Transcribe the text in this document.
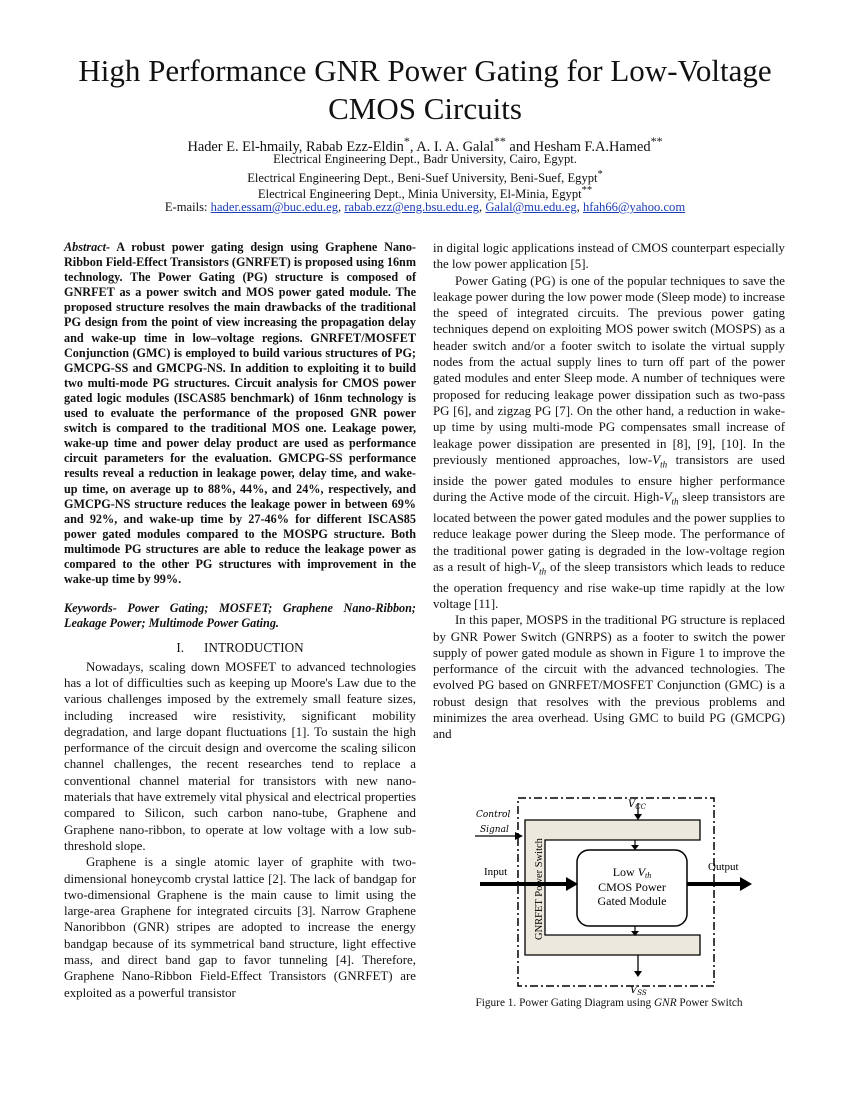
High Performance GNR Power Gating for Low-Voltage CMOS Circuits
Hader E. El-hmaily, Rabab Ezz-Eldin*, A. I. A. Galal** and Hesham F.A.Hamed**
Electrical Engineering Dept., Badr University, Cairo, Egypt.
Electrical Engineering Dept., Beni-Suef University, Beni-Suef, Egypt*
Electrical Engineering Dept., Minia University, El-Minia, Egypt**
E-mails: hader.essam@buc.edu.eg, rabab.ezz@eng.bsu.edu.eg, Galal@mu.edu.eg, hfah66@yahoo.com

Abstract- A robust power gating design using Graphene Nano-Ribbon Field-Effect Transistors (GNRFET) is proposed using 16nm technology. The Power Gating (PG) structure is composed of GNRFET as a power switch and MOS power gated module. The proposed structure resolves the main drawbacks of the traditional PG design from the point of view increasing the propagation delay and wake-up time in low–voltage regions. GNRFET/MOSFET Conjunction (GMC) is employed to build various structures of PG; GMCPG-SS and GMCPG-NS. In addition to exploiting it to build two multi-mode PG structures. Circuit analysis for CMOS power gated logic modules (ISCAS85 benchmark) of 16nm technology is used to evaluate the performance of the proposed GNR power switch is compared to the traditional MOS one. Leakage power, wake-up time and power delay product are used as performance circuit parameters for the evaluation. GMCPG-SS performance results reveal a reduction in leakage power, delay time, and wake-up time, on average up to 88%, 44%, and 24%, respectively, and GMCPG-NS structure reduces the leakage power in between 69% and 92%, and wake-up time by 27-46% for different ISCAS85 power gated modules compared to the MOSPG structure. Both multimode PG structures are able to reduce the leakage power as compared to the other PG structures with improvement in the wake-up time by 99%.

Keywords- Power Gating; MOSFET; Graphene Nano-Ribbon; Leakage Power; Multimode Power Gating.

I. INTRODUCTION

Nowadays, scaling down MOSFET to advanced technologies has a lot of difficulties such as keeping up Moore's Law due to the various challenges imposed by the extremely small feature sizes, including increased wire resistivity, significant mobility degradation, and large dopant fluctuations [1]. To sustain the high performance of the circuit design and overcome the scaling silicon channel challenges, the recent researches tend to replace a conventional channel material for transistors with new nano-materials that have extremely vital physical and electrical properties compared to Silicon, such carbon nano-tube, Graphene and Graphene nano-ribbon, to operate at low voltage with a low sub-threshold slope.

Graphene is a single atomic layer of graphite with two-dimensional honeycomb crystal lattice [2]. The lack of bandgap for two-dimensional Graphene is the main cause to limit using the large-area Graphene for integrated circuits [3]. Narrow Graphene Nanoribbon (GNR) stripes are adopted to increase the energy bandgap because of its symmetrical band structure, light effective mass, and direct band gap to favor tunneling [4]. Therefore, Graphene Nano-Ribbon Field-Effect Transistors (GNRFET) are exploited as a powerful transistor

in digital logic applications instead of CMOS counterpart especially the low power application [5].

Power Gating (PG) is one of the popular techniques to save the leakage power during the low power mode (Sleep mode) to increase the speed of integrated circuits. The previous power gating techniques depend on exploiting MOS power switch (MOSPS) as a header switch and/or a footer switch to isolate the virtual supply nodes from the actual supply lines to turn off part of the power gated modules and enter Sleep mode. A number of techniques were proposed for reducing leakage power dissipation such as two-pass PG [6], and zigzag PG [7]. On the other hand, a reduction in wake-up time by using multi-mode PG compensates small increase of leakage power dissipation are presented in [8], [9], [10]. In the previously mentioned approaches, low-$V_{th}$ transistors are used inside the power gated modules to ensure higher performance during the Active mode of the circuit. High-$V_{th}$ sleep transistors are located between the power gated modules and the power supplies to reduce leakage power during the Sleep mode. The performance of the traditional power gating is degraded in the low-voltage region as a result of high-$V_{th}$ of the sleep transistors which leads to reduce the operation frequency and rise wake-up time rapidly at the low voltage [11].

In this paper, MOSPS in the traditional PG structure is replaced by GNR Power Switch (GNRPS) as a footer to switch the power supply of power gated module as shown in Figure 1 to improve the performance of the circuit with the advanced technologies. The evolved PG based on GNRFET/MOSFET Conjunction (GMC) is a robust design that resolves with the previous problems and minimizes the area overhead. Using GMC to build PG (GMCPG) and

$V_{CC}$
GNRFET Power Switch	Low Vth
CMOS Power
Gated Module
Control
Signal
Input	Output
$V_{SS}$
Figure 1. Power Gating Diagram using GNR Power Switch
